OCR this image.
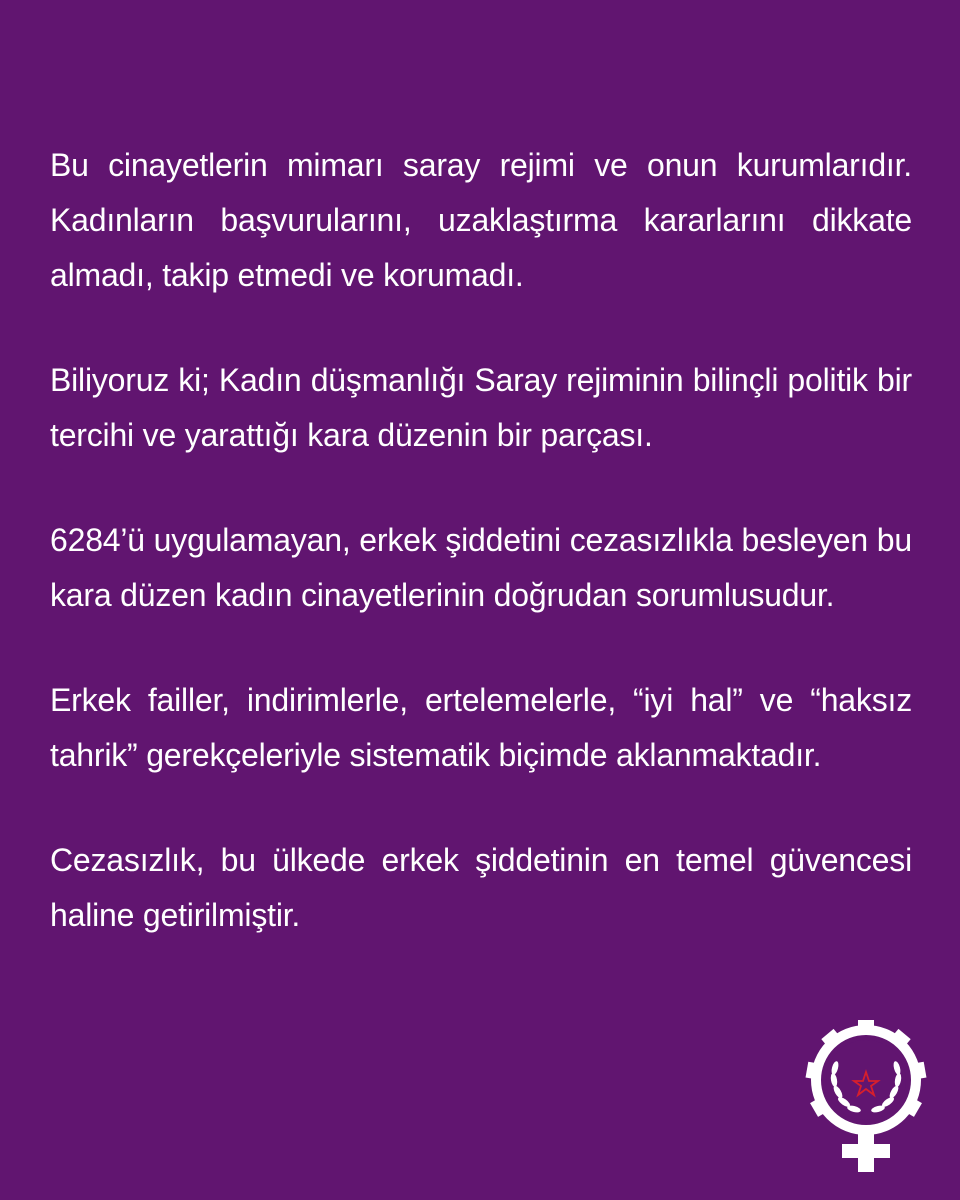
Bu cinayetlerin mimarı saray rejimi ve onun kurumlarıdır. Kadınların başvurularını, uzaklaştırma kararlarını dikkate almadı, takip etmedi ve korumadı.

Biliyoruz ki; Kadın düşmanlığı Saray rejiminin bilinçli politik bir tercihi ve yarattığı kara düzenin bir parçası.

6284’ü uygulamayan, erkek şiddetini cezasızlıkla besleyen bu kara düzen kadın cinayetlerinin doğrudan sorumlusudur.

Erkek failler, indirimlerle, ertelemelerle, “iyi hal” ve “haksız tahrik” gerekçeleriyle sistematik biçimde aklanmaktadır.

Cezasızlık, bu ülkede erkek şiddetinin en temel güvencesi haline getirilmiştir.
